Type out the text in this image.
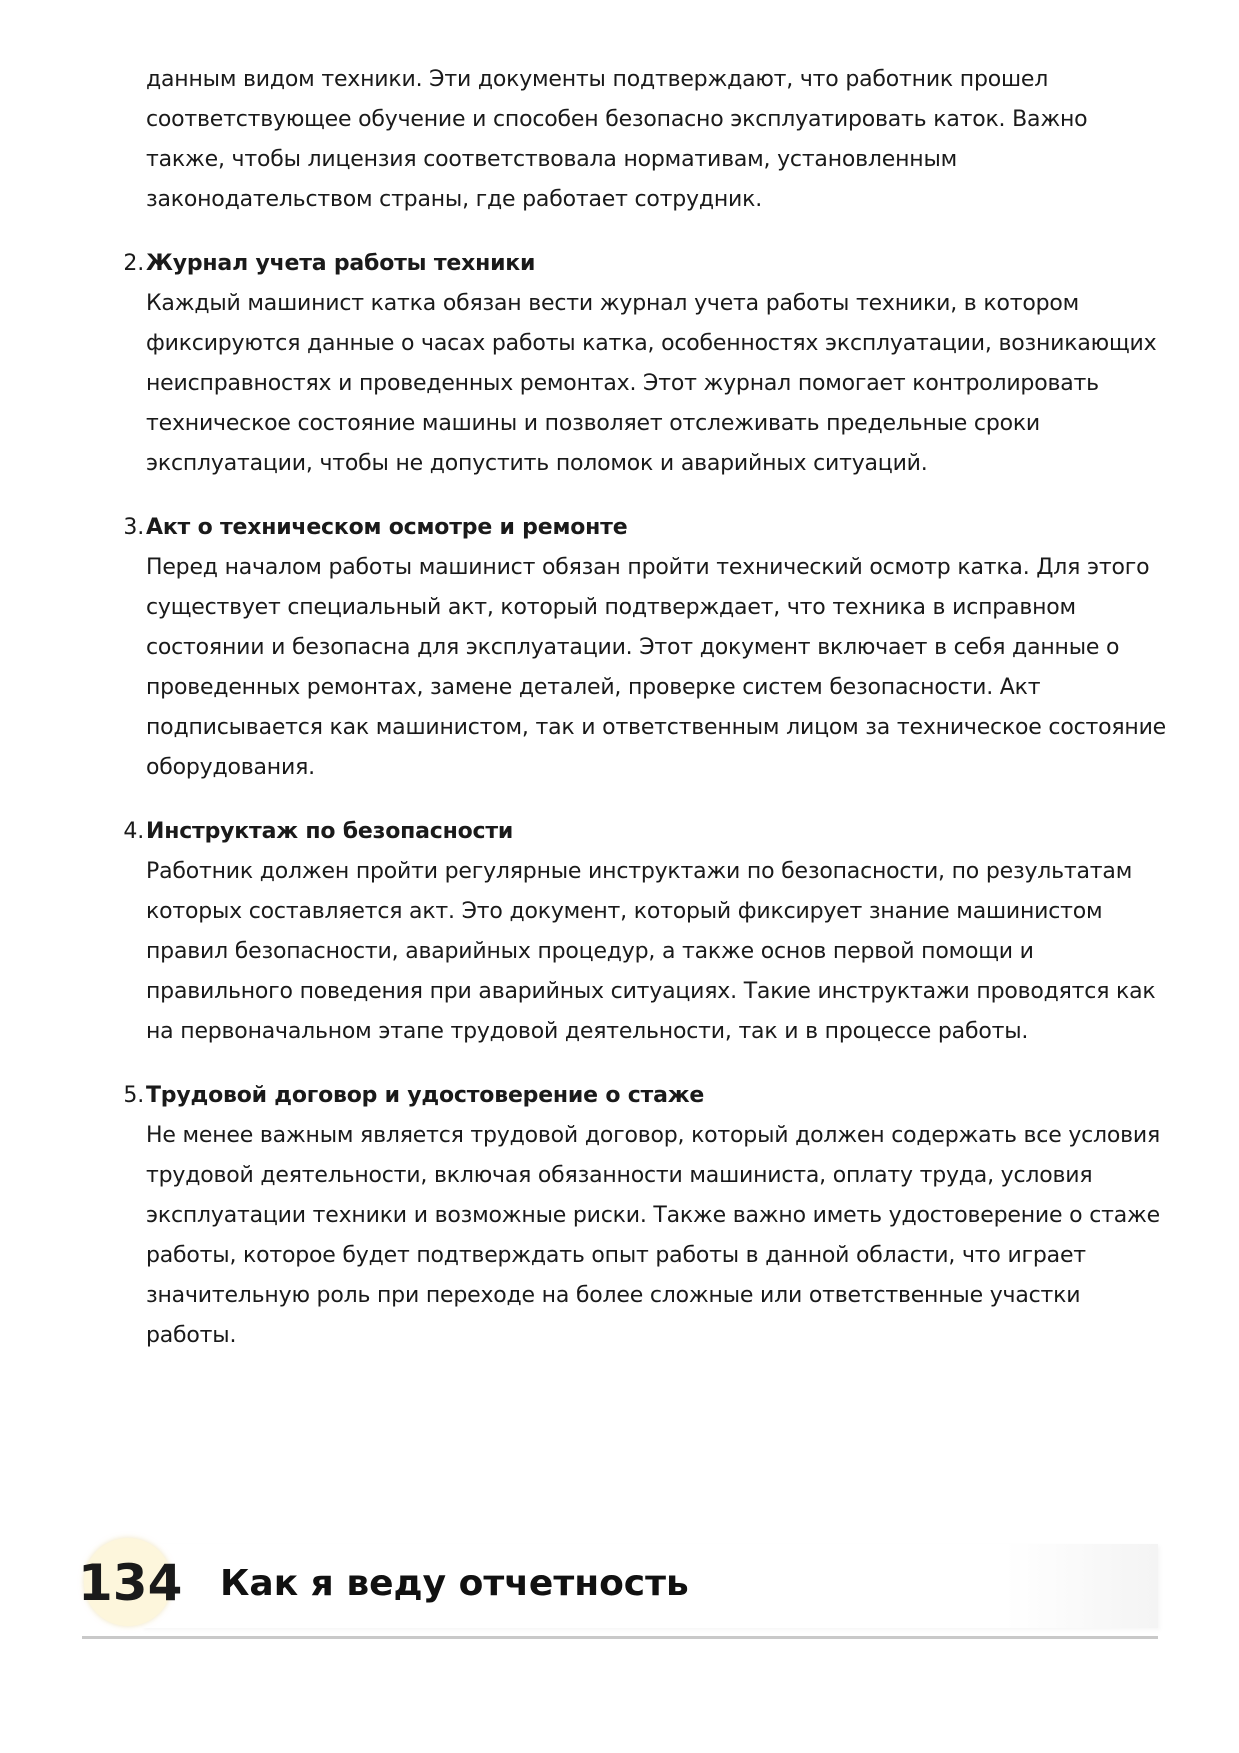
данным видом техники. Эти документы подтверждают, что работник прошел
соответствующее обучение и способен безопасно эксплуатировать каток. Важно
также, чтобы лицензия соответствовала нормативам, установленным
законодательством страны, где работает сотрудник.
2. Журнал учета работы техники
Каждый машинист катка обязан вести журнал учета работы техники, в котором
фиксируются данные о часах работы катка, особенностях эксплуатации, возникающих
неисправностях и проведенных ремонтах. Этот журнал помогает контролировать
техническое состояние машины и позволяет отслеживать предельные сроки
эксплуатации, чтобы не допустить поломок и аварийных ситуаций.
3. Акт о техническом осмотре и ремонте
Перед началом работы машинист обязан пройти технический осмотр катка. Для этого
существует специальный акт, который подтверждает, что техника в исправном
состоянии и безопасна для эксплуатации. Этот документ включает в себя данные о
проведенных ремонтах, замене деталей, проверке систем безопасности. Акт
подписывается как машинистом, так и ответственным лицом за техническое состояние
оборудования.
4. Инструктаж по безопасности
Работник должен пройти регулярные инструктажи по безопасности, по результатам
которых составляется акт. Это документ, который фиксирует знание машинистом
правил безопасности, аварийных процедур, а также основ первой помощи и
правильного поведения при аварийных ситуациях. Такие инструктажи проводятся как
на первоначальном этапе трудовой деятельности, так и в процессе работы.
5. Трудовой договор и удостоверение о стаже
Не менее важным является трудовой договор, который должен содержать все условия
трудовой деятельности, включая обязанности машиниста, оплату труда, условия
эксплуатации техники и возможные риски. Также важно иметь удостоверение о стаже
работы, которое будет подтверждать опыт работы в данной области, что играет
значительную роль при переходе на более сложные или ответственные участки
работы.
134 Как я веду отчетность
